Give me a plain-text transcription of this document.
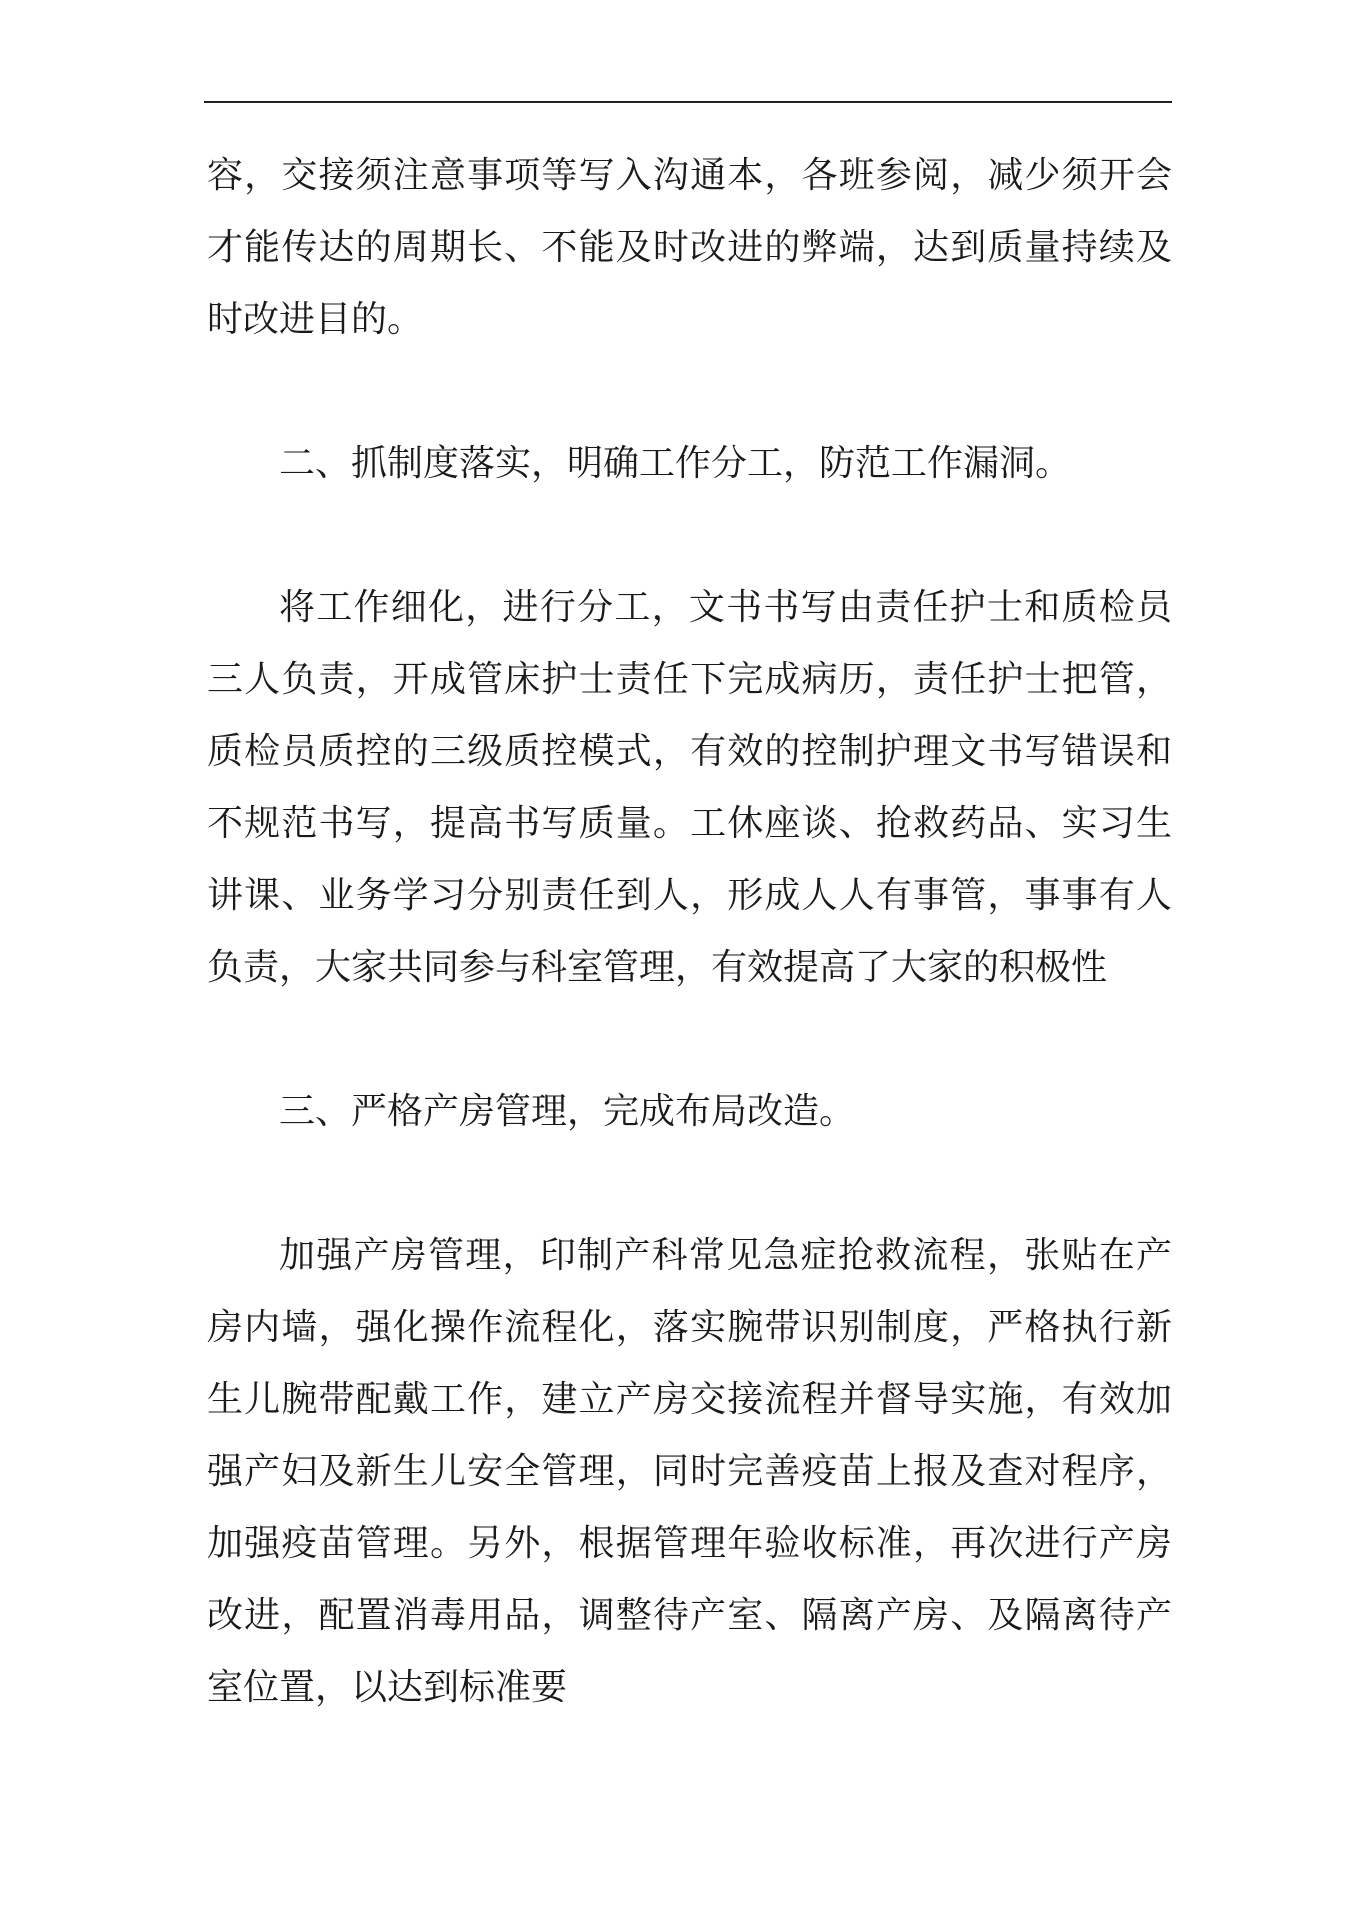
容，交接须注意事项等写入沟通本，各班参阅，减少须开会
才能传达的周期长、不能及时改进的弊端，达到质量持续及
时改进目的。
二、抓制度落实，明确工作分工，防范工作漏洞。
将工作细化，进行分工，文书书写由责任护士和质检员
三人负责，开成管床护士责任下完成病历，责任护士把管，
质检员质控的三级质控模式，有效的控制护理文书写错误和
不规范书写，提高书写质量。工休座谈、抢救药品、实习生
讲课、业务学习分别责任到人，形成人人有事管，事事有人
负责，大家共同参与科室管理，有效提高了大家的积极性
三、严格产房管理，完成布局改造。
加强产房管理，印制产科常见急症抢救流程，张贴在产
房内墙，强化操作流程化，落实腕带识别制度，严格执行新
生儿腕带配戴工作，建立产房交接流程并督导实施，有效加
强产妇及新生儿安全管理，同时完善疫苗上报及查对程序，
加强疫苗管理。另外，根据管理年验收标准，再次进行产房
改进，配置消毒用品，调整待产室、隔离产房、及隔离待产
室位置，以达到标准要
